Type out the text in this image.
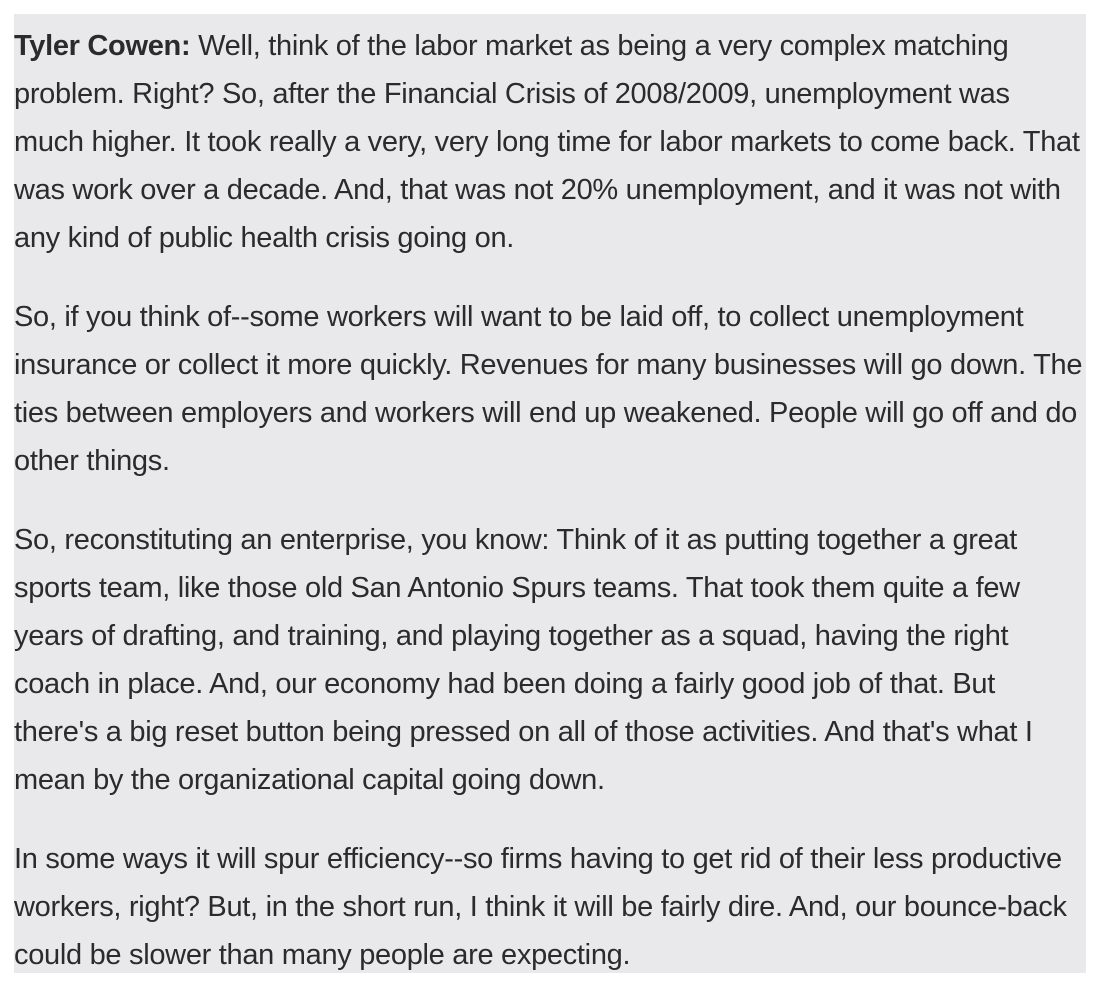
Tyler Cowen: Well, think of the labor market as being a very complex matching problem. Right? So, after the Financial Crisis of 2008/2009, unemployment was much higher. It took really a very, very long time for labor markets to come back. That was work over a decade. And, that was not 20% unemployment, and it was not with any kind of public health crisis going on.

So, if you think of--some workers will want to be laid off, to collect unemployment insurance or collect it more quickly. Revenues for many businesses will go down. The ties between employers and workers will end up weakened. People will go off and do other things.

So, reconstituting an enterprise, you know: Think of it as putting together a great sports team, like those old San Antonio Spurs teams. That took them quite a few years of drafting, and training, and playing together as a squad, having the right coach in place. And, our economy had been doing a fairly good job of that. But there's a big reset button being pressed on all of those activities. And that's what I mean by the organizational capital going down.

In some ways it will spur efficiency--so firms having to get rid of their less productive workers, right? But, in the short run, I think it will be fairly dire. And, our bounce-back could be slower than many people are expecting.
